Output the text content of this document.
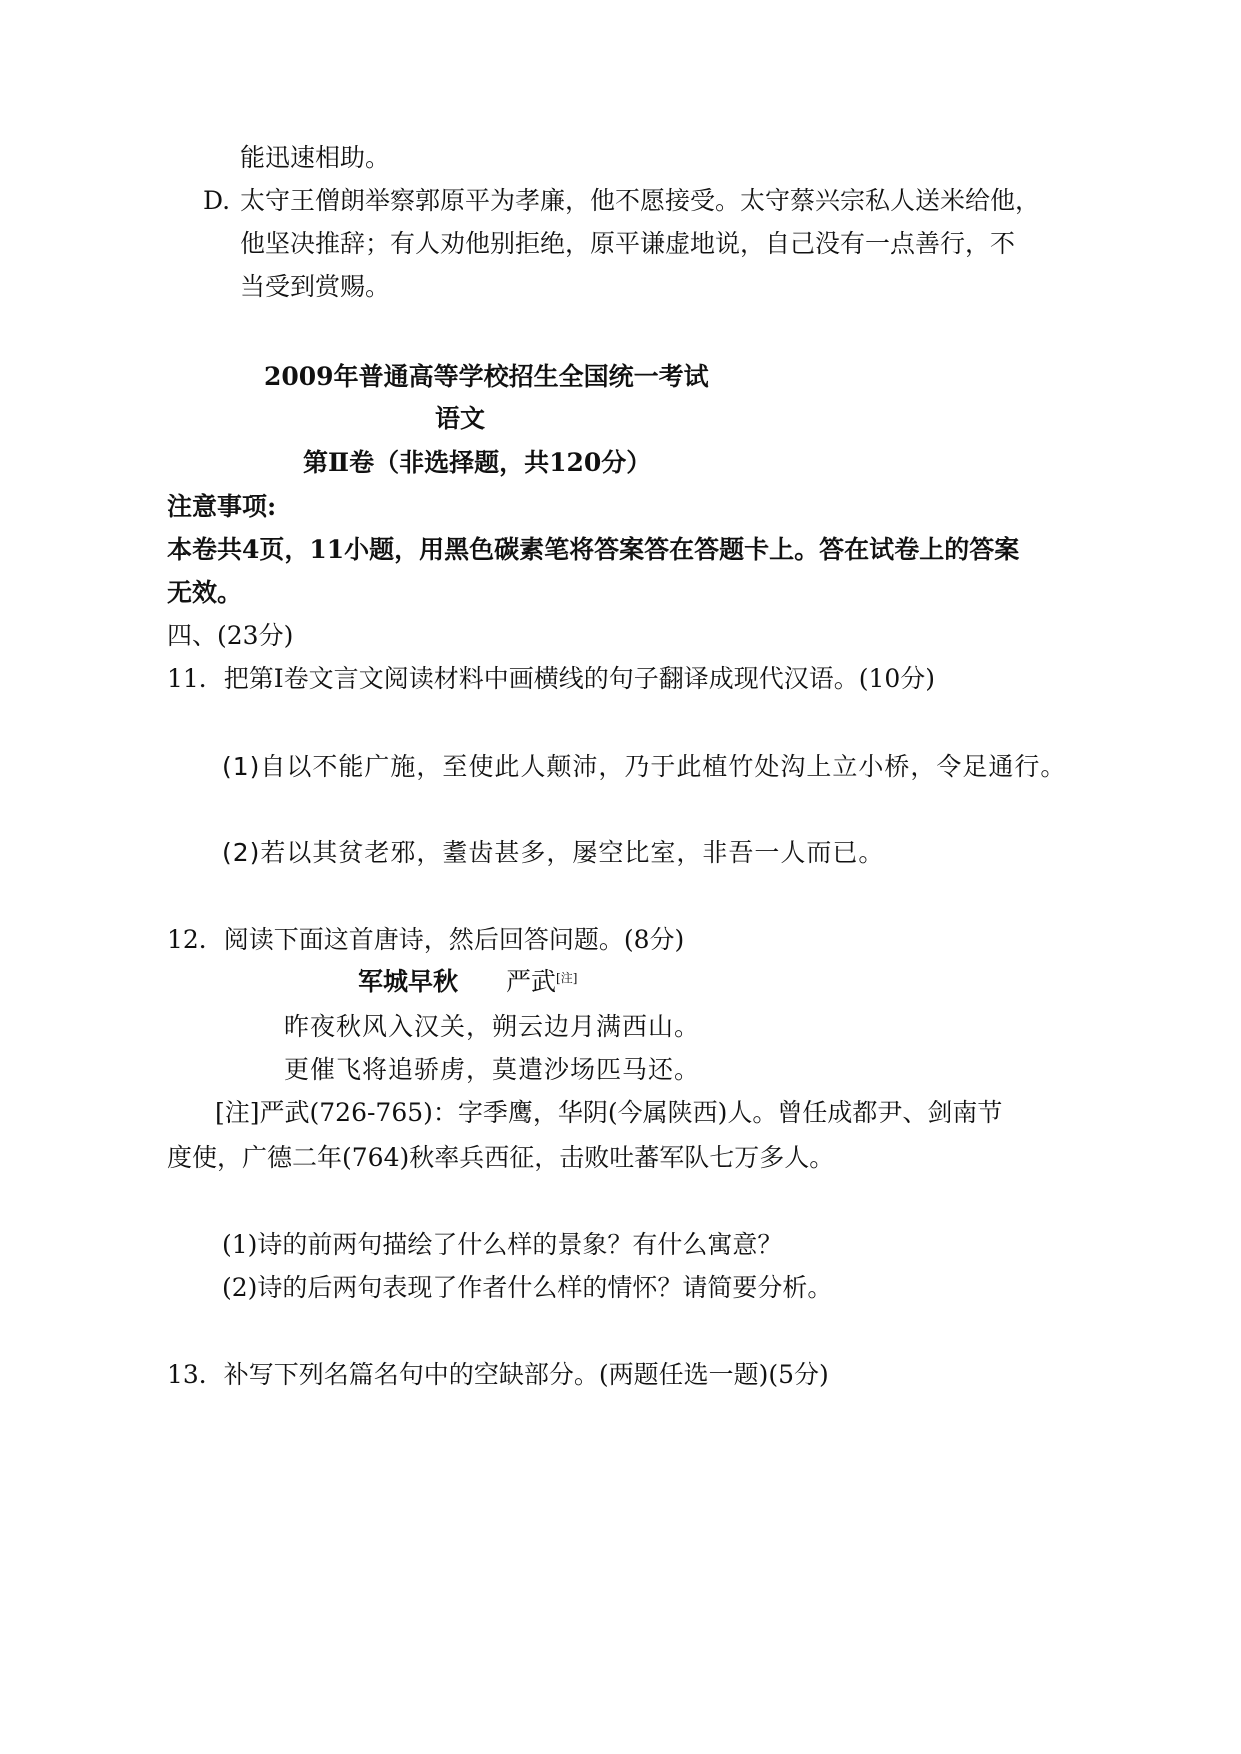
能迅速相助。
D. 太守王僧朗举察郭原平为孝廉，他不愿接受。太守蔡兴宗私人送米给他，
他坚决推辞；有人劝他别拒绝，原平谦虚地说，自己没有一点善行，不
当受到赏赐。
2009年普通高等学校招生全国统一考试
语文
第Ⅱ卷（非选择题，共120分）
注意事项:
本卷共4页，11小题，用黑色碳素笔将答案答在答题卡上。答在试卷上的答案
无效。
四、(23分)
11．把第Ⅰ卷文言文阅读材料中画横线的句子翻译成现代汉语。(10分)
(1)自以不能广施，至使此人颠沛，乃于此植竹处沟上立小桥，令足通行。
(2)若以其贫老邪，耋齿甚多，屡空比室，非吾一人而已。
12．阅读下面这首唐诗，然后回答问题。(8分)
军城早秋 严武[注]
昨夜秋风入汉关，朔云边月满西山。
更催飞将追骄虏，莫遣沙场匹马还。
[注]严武(726-765)：字季鹰，华阴(今属陕西)人。曾任成都尹、剑南节
度使，广德二年(764)秋率兵西征，击败吐蕃军队七万多人。
(1)诗的前两句描绘了什么样的景象？有什么寓意？
(2)诗的后两句表现了作者什么样的情怀？请简要分析。
13．补写下列名篇名句中的空缺部分。(两题任选一题)(5分)
